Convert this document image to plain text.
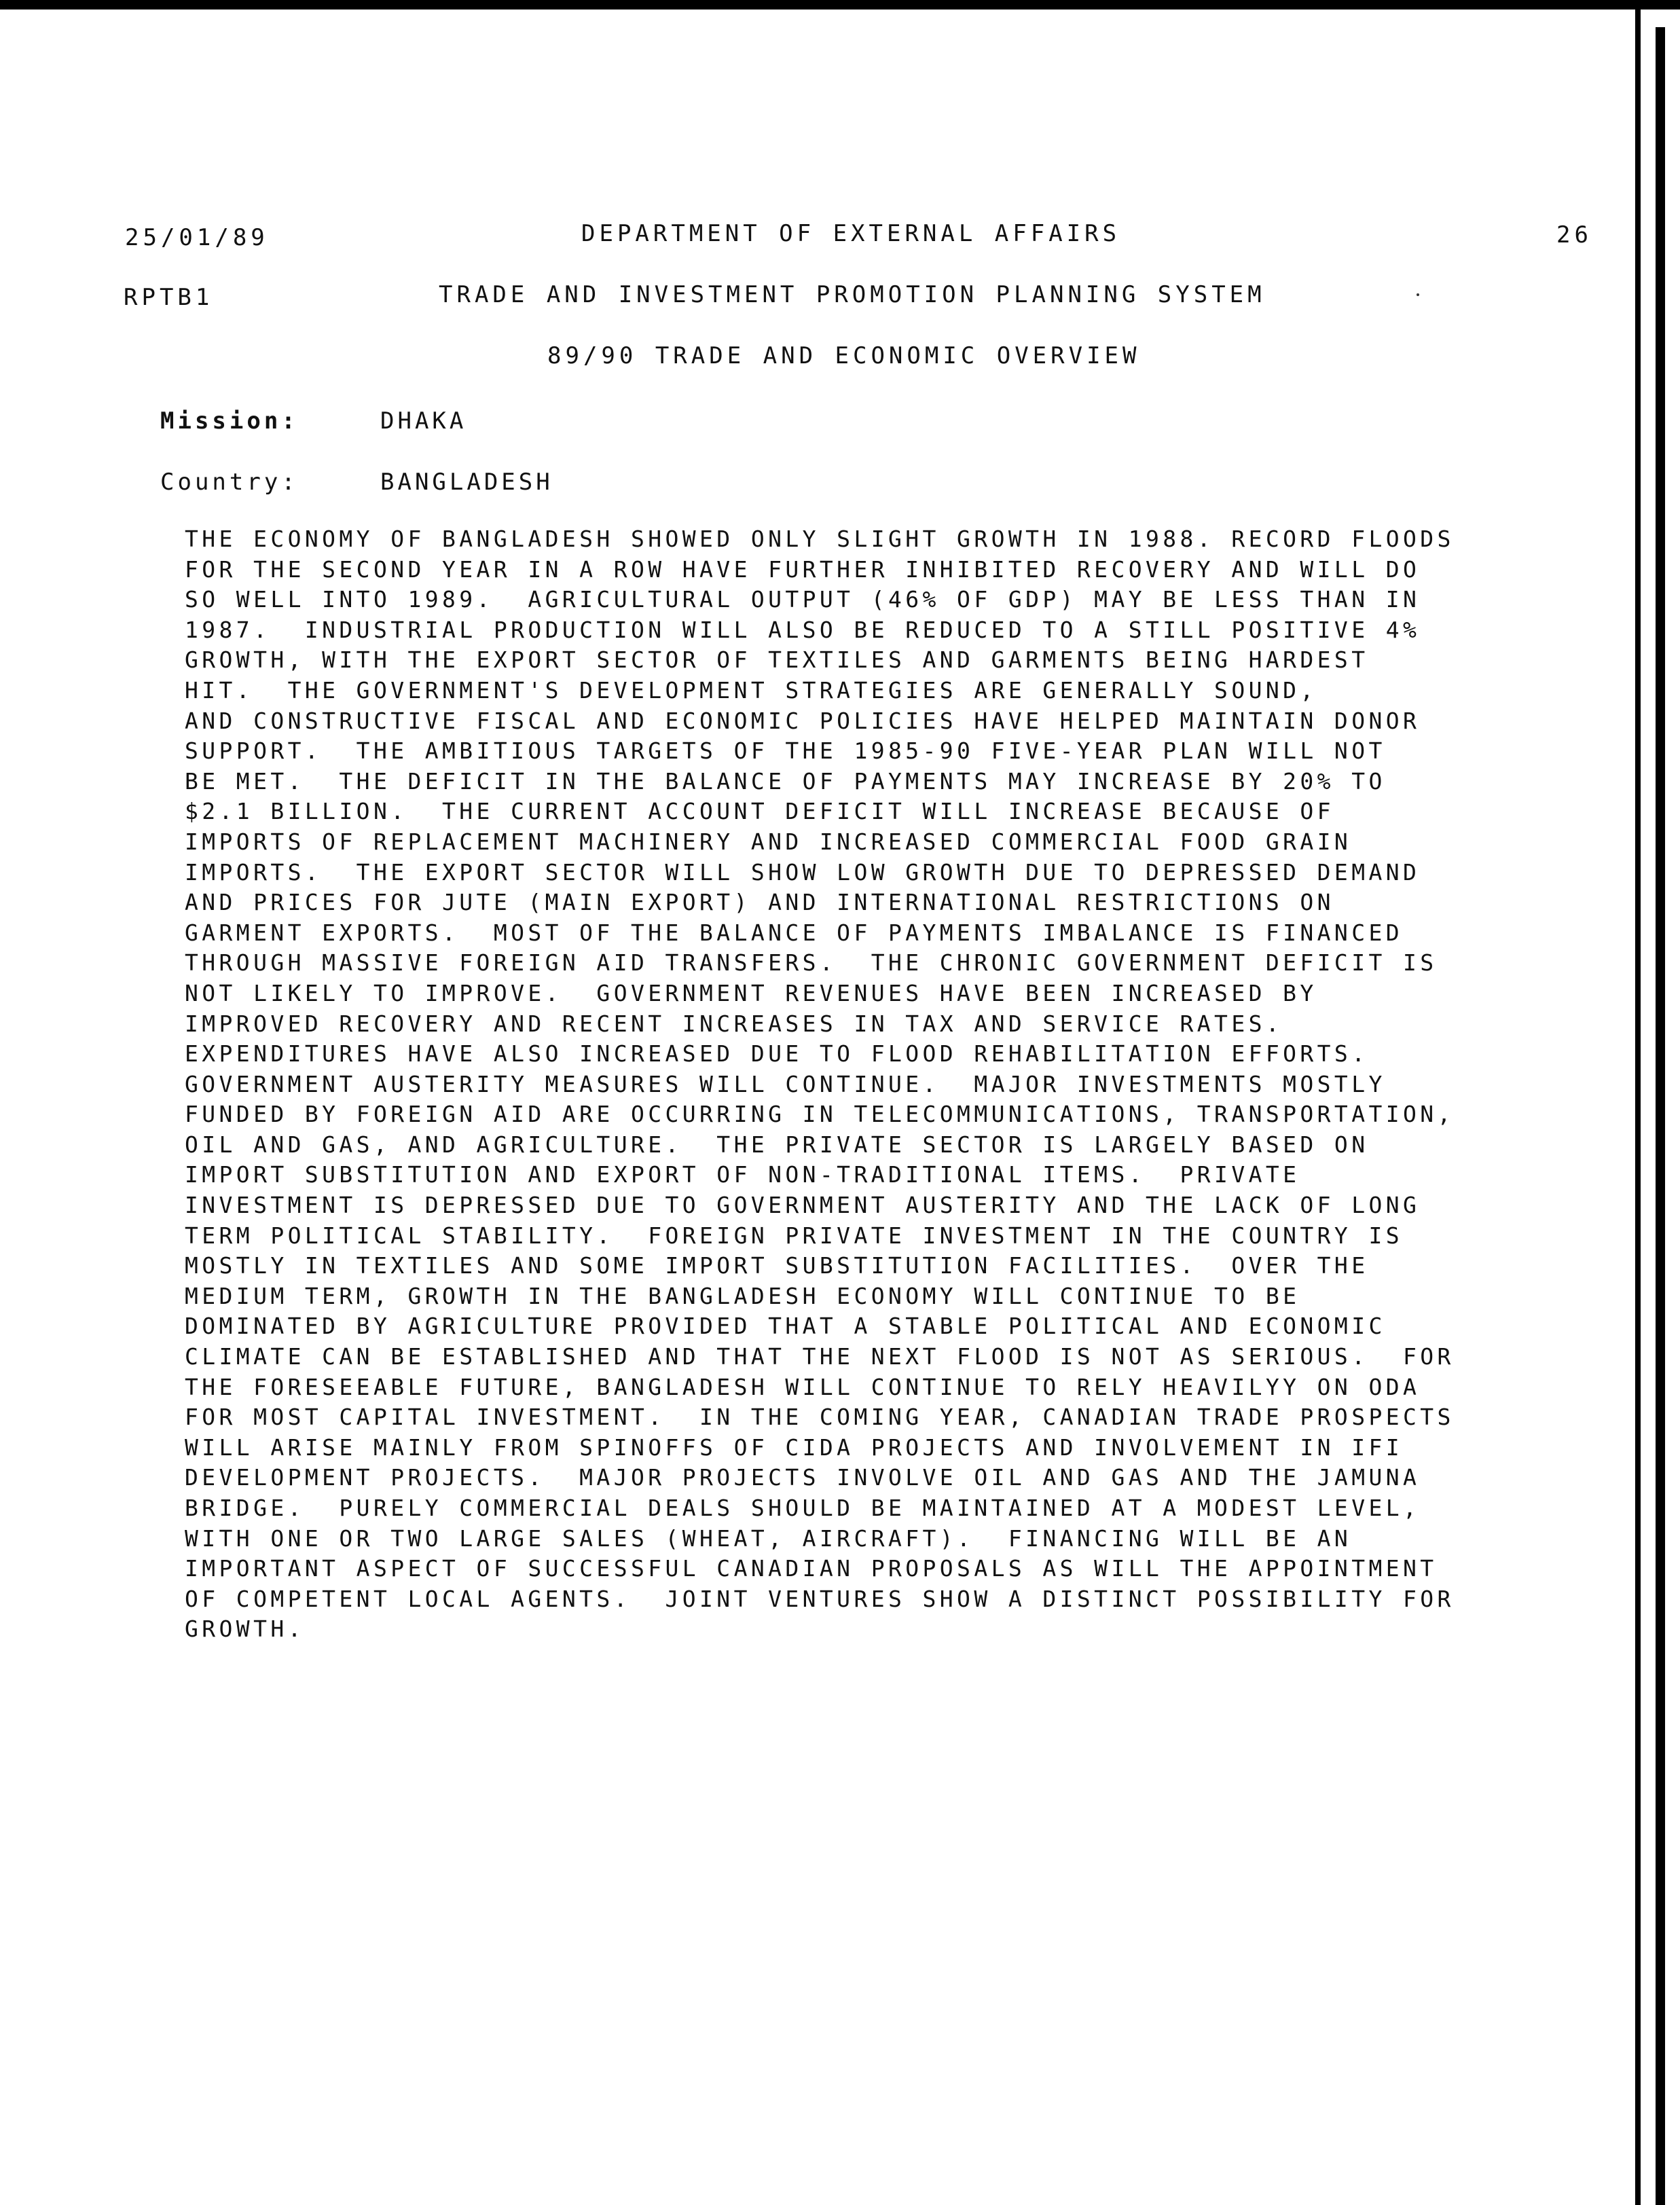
25/01/89	DEPARTMENT OF EXTERNAL AFFAIRS	26
RPTB1	TRADE AND INVESTMENT PROMOTION PLANNING SYSTEM
89/90 TRADE AND ECONOMIC OVERVIEW
Mission:	DHAKA
Country:	BANGLADESH
THE ECONOMY OF BANGLADESH SHOWED ONLY SLIGHT GROWTH IN 1988. RECORD FLOODS
FOR THE SECOND YEAR IN A ROW HAVE FURTHER INHIBITED RECOVERY AND WILL DO
SO WELL INTO 1989.  AGRICULTURAL OUTPUT (46% OF GDP) MAY BE LESS THAN IN
1987.  INDUSTRIAL PRODUCTION WILL ALSO BE REDUCED TO A STILL POSITIVE 4%
GROWTH, WITH THE EXPORT SECTOR OF TEXTILES AND GARMENTS BEING HARDEST
HIT.  THE GOVERNMENT'S DEVELOPMENT STRATEGIES ARE GENERALLY SOUND,
AND CONSTRUCTIVE FISCAL AND ECONOMIC POLICIES HAVE HELPED MAINTAIN DONOR
SUPPORT.  THE AMBITIOUS TARGETS OF THE 1985-90 FIVE-YEAR PLAN WILL NOT
BE MET.  THE DEFICIT IN THE BALANCE OF PAYMENTS MAY INCREASE BY 20% TO
$2.1 BILLION.  THE CURRENT ACCOUNT DEFICIT WILL INCREASE BECAUSE OF
IMPORTS OF REPLACEMENT MACHINERY AND INCREASED COMMERCIAL FOOD GRAIN
IMPORTS.  THE EXPORT SECTOR WILL SHOW LOW GROWTH DUE TO DEPRESSED DEMAND
AND PRICES FOR JUTE (MAIN EXPORT) AND INTERNATIONAL RESTRICTIONS ON
GARMENT EXPORTS.  MOST OF THE BALANCE OF PAYMENTS IMBALANCE IS FINANCED
THROUGH MASSIVE FOREIGN AID TRANSFERS.  THE CHRONIC GOVERNMENT DEFICIT IS
NOT LIKELY TO IMPROVE.  GOVERNMENT REVENUES HAVE BEEN INCREASED BY
IMPROVED RECOVERY AND RECENT INCREASES IN TAX AND SERVICE RATES.
EXPENDITURES HAVE ALSO INCREASED DUE TO FLOOD REHABILITATION EFFORTS.
GOVERNMENT AUSTERITY MEASURES WILL CONTINUE.  MAJOR INVESTMENTS MOSTLY
FUNDED BY FOREIGN AID ARE OCCURRING IN TELECOMMUNICATIONS, TRANSPORTATION,
OIL AND GAS, AND AGRICULTURE.  THE PRIVATE SECTOR IS LARGELY BASED ON
IMPORT SUBSTITUTION AND EXPORT OF NON-TRADITIONAL ITEMS.  PRIVATE
INVESTMENT IS DEPRESSED DUE TO GOVERNMENT AUSTERITY AND THE LACK OF LONG
TERM POLITICAL STABILITY.  FOREIGN PRIVATE INVESTMENT IN THE COUNTRY IS
MOSTLY IN TEXTILES AND SOME IMPORT SUBSTITUTION FACILITIES.  OVER THE
MEDIUM TERM, GROWTH IN THE BANGLADESH ECONOMY WILL CONTINUE TO BE
DOMINATED BY AGRICULTURE PROVIDED THAT A STABLE POLITICAL AND ECONOMIC
CLIMATE CAN BE ESTABLISHED AND THAT THE NEXT FLOOD IS NOT AS SERIOUS.  FOR
THE FORESEEABLE FUTURE, BANGLADESH WILL CONTINUE TO RELY HEAVILYY ON ODA
FOR MOST CAPITAL INVESTMENT.  IN THE COMING YEAR, CANADIAN TRADE PROSPECTS
WILL ARISE MAINLY FROM SPINOFFS OF CIDA PROJECTS AND INVOLVEMENT IN IFI
DEVELOPMENT PROJECTS.  MAJOR PROJECTS INVOLVE OIL AND GAS AND THE JAMUNA
BRIDGE.  PURELY COMMERCIAL DEALS SHOULD BE MAINTAINED AT A MODEST LEVEL,
WITH ONE OR TWO LARGE SALES (WHEAT, AIRCRAFT).  FINANCING WILL BE AN
IMPORTANT ASPECT OF SUCCESSFUL CANADIAN PROPOSALS AS WILL THE APPOINTMENT
OF COMPETENT LOCAL AGENTS.  JOINT VENTURES SHOW A DISTINCT POSSIBILITY FOR
GROWTH.
